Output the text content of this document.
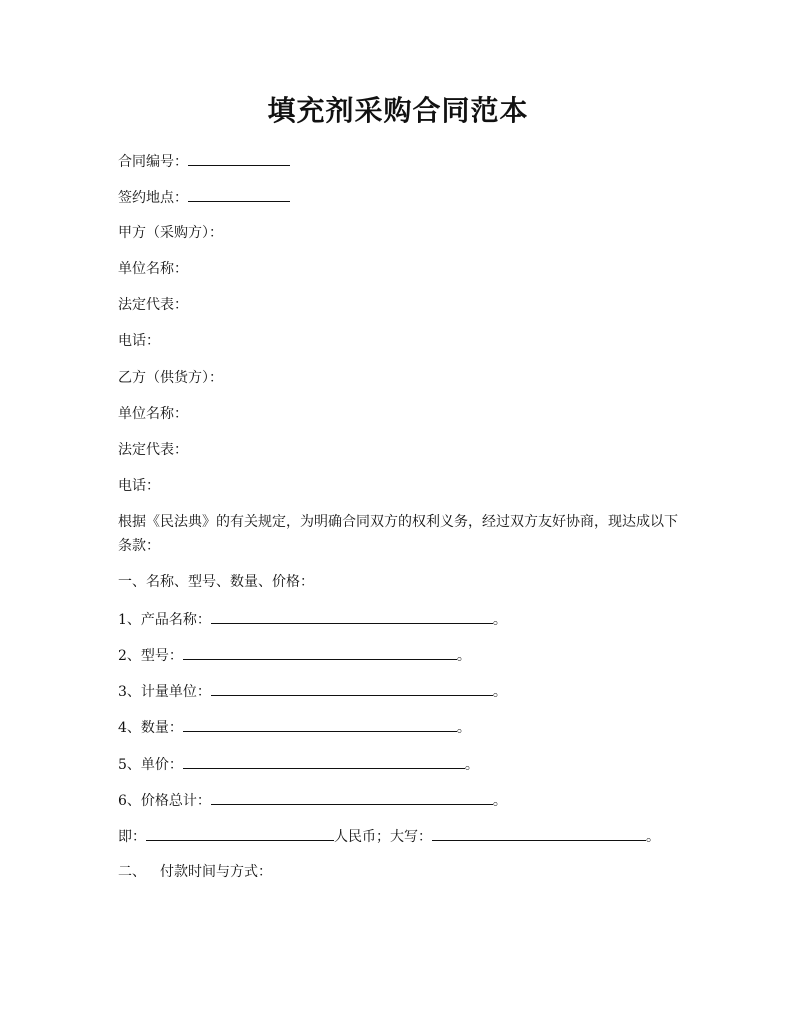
填充剂采购合同范本
合同编号：
签约地点：
甲方（采购方）：
单位名称：
法定代表：
电话：
乙方（供货方）：
单位名称：
法定代表：
电话：
根据《民法典》的有关规定，为明确合同双方的权利义务，经过双方友好协商，现达成以下条款：
一、名称、型号、数量、价格：
1、产品名称：	。
2、型号：	。
3、计量单位：	。
4、数量：	。
5、单价：	。
6、价格总计：	。
即：	人民币；大写：	。
二、 付款时间与方式：
